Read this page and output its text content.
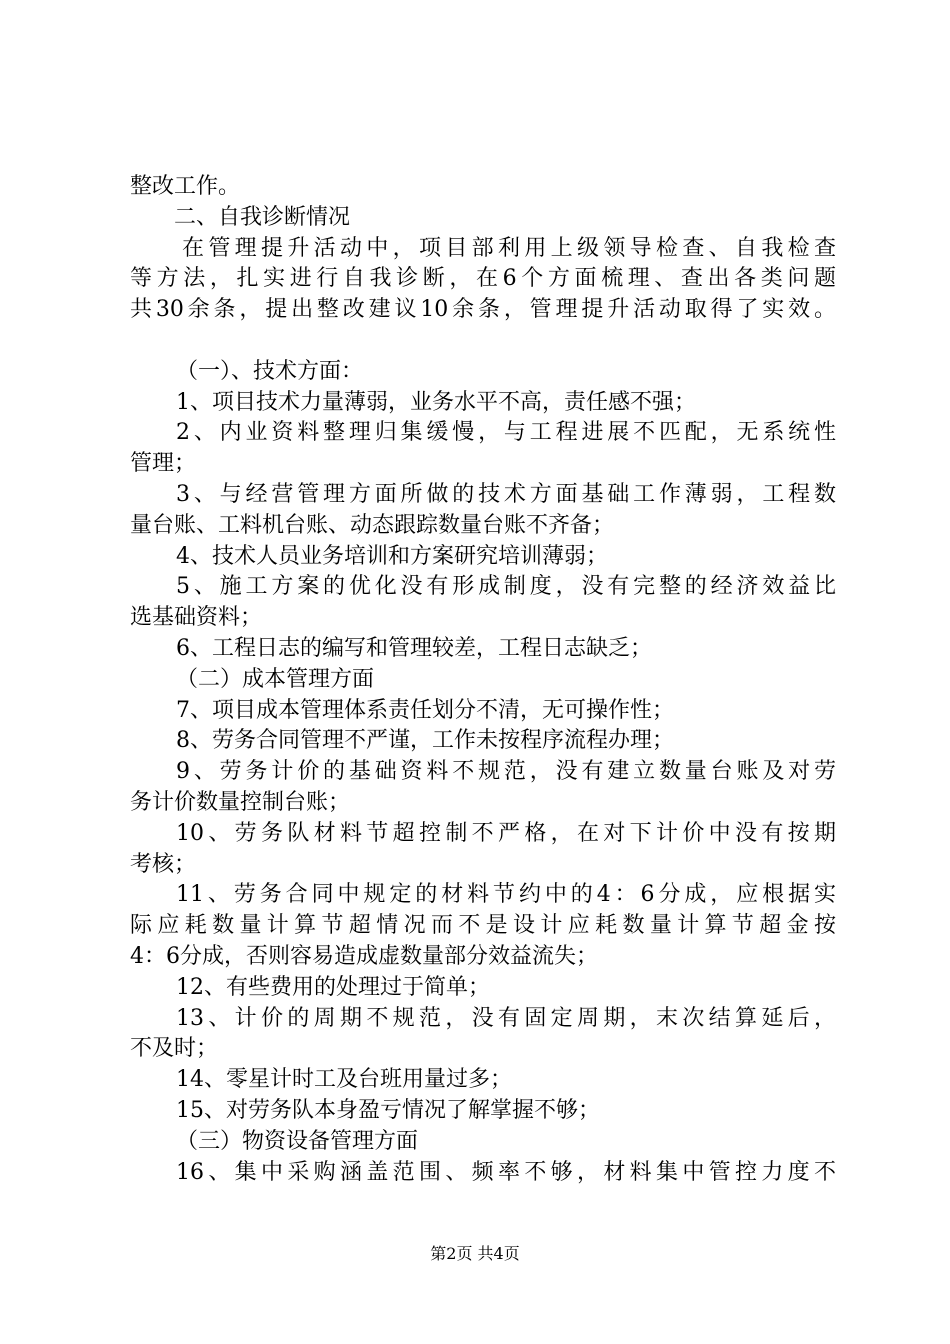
整改工作。
二、自我诊断情况
在管理提升活动中，项目部利用上级领导检查、自我检查
等方法，扎实进行自我诊断，在6个方面梳理、查出各类问题
共30余条，提出整改建议10余条，管理提升活动取得了实效。
（一）、技术方面：
1、项目技术力量薄弱，业务水平不高，责任感不强；
2、内业资料整理归集缓慢，与工程进展不匹配，无系统性
管理；
3、与经营管理方面所做的技术方面基础工作薄弱，工程数
量台账、工料机台账、动态跟踪数量台账不齐备；
4、技术人员业务培训和方案研究培训薄弱；
5、施工方案的优化没有形成制度，没有完整的经济效益比
选基础资料；
6、工程日志的编写和管理较差，工程日志缺乏；
（二）成本管理方面
7、项目成本管理体系责任划分不清，无可操作性；
8、劳务合同管理不严谨，工作未按程序流程办理；
9、劳务计价的基础资料不规范，没有建立数量台账及对劳
务计价数量控制台账；
10、劳务队材料节超控制不严格，在对下计价中没有按期
考核；
11、劳务合同中规定的材料节约中的4：6分成，应根据实
际应耗数量计算节超情况而不是设计应耗数量计算节超金按
4：6分成，否则容易造成虚数量部分效益流失；
12、有些费用的处理过于简单；
13、计价的周期不规范，没有固定周期，末次结算延后，
不及时；
14、零星计时工及台班用量过多；
15、对劳务队本身盈亏情况了解掌握不够；
（三）物资设备管理方面
16、集中采购涵盖范围、频率不够，材料集中管控力度不
第2页 共4页
